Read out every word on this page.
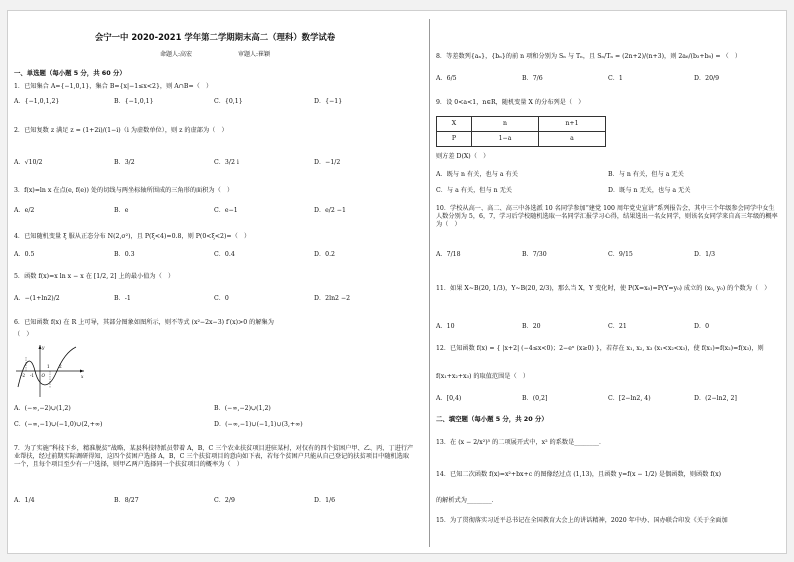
会宁一中 2020-2021 学年第二学期期末高二（理科）数学试卷
命题人:高宏	审题人:崔颖
一、单选题（每小题 5 分，共 60 分）
1．已知集合 A={−1,0,1}，集合 B={x|−1≤x<2}，则 A∩B=（　）
A．{−1,0,1,2}	B．{−1,0,1}	C．{0,1}	D．{−1}
2．已知复数 z 满足 z = (1+2i)/(1−i)（i 为虚数单位），则 z 的虚部为（　）
A．√10/2	B．3/2	C．3/2 i	D．−1/2
3．f(x)=ln x 在点(e, f(e)) 处的切线与两坐标轴所围成的三角形的面积为（　）
A．e/2	B．e	C．e−1	D．e/2 −1
4．已知随机变量 ξ 服从正态分布 N(2,σ²)，且 P(ξ<4)=0.8，则 P(0<ξ<2)=（　）
A．0.5	B．0.3	C．0.4	D．0.2
5．函数 f(x)=x ln x − x 在 [1/2, 2] 上的最小值为（　）
A．−(1+ln2)/2	B．-1	C．0	D．2ln2 −2
6．已知函数 f(x) 在 R 上可导，其部分图象如图所示，则不等式 (x²−2x−3) f′(x)>0 的解集为
（　）
-2 -1
1 2
x
y
O
A．(−∞,−2)∪(1,2)	B．(−∞,−2)∪(1,2)
C．(−∞,−1)∪(−1,0)∪(2,+∞)	D．(−∞,−1)∪(−1,1)∪(3,+∞)
7．为了实施“科技下乡，精准脱贫”战略，某县科技特派员带着 A，B，C 三个农业扶贫项目进驻某村，对仅有的四个贫困户甲、乙、丙、丁进行产业帮扶，经过前期实际调研得知，这四个贫困户选择 A，B，C 三个扶贫项目的意向如下表，若每个贫困户只能从自己登记的扶贫项目中随机选取一个，且每个项目至少有一户选择，则甲乙两户选择同一个扶贫项目的概率为（　）
A．1/4	B．8/27	C．2/9	D．1/6
8．等差数列{aₙ}，{bₙ}的前 n 项和分别为 Sₙ 与 Tₙ，且 Sₙ/Tₙ = (2n+2)/(n+3)，则 2a₆/(b₃+b₈) = （　）
A．6/5	B．7/6	C．1	D．20/9
9．设 0<a<1，n∈R，随机变量 X 的分布列是（　）
X	n	n+1
P	1−a	a
则方差 D(X)（　）
A．既与 n 有关，也与 a 有关	B．与 n 有关，但与 a 无关
C．与 a 有关，但与 n 无关	D．既与 n 无关，也与 a 无关
10．学校从高一、高二、高三中各选派 10 名同学参加“建党 100 周年党史宣讲”系列报告会，其中三个年级参会同学中女生人数分别为 5，6，7，学习后学校随机选取一名同学汇报学习心得，结果选出一名女同学，则该名女同学来自高三年级的概率为（　）
A．7/18	B．7/30	C．9/15	D．1/3
11．如果 X~B(20, 1/3)，Y~B(20, 2/3)，那么当 X，Y 变化时，使 P(X=x₀)=P(Y=y₀) 成立的 (x₀, y₀) 的个数为（　）
A．10	B．20	C．21	D．0
12．已知函数 f(x) = { |x+2| (−4≤x<0)；2−eˣ (x≥0) }，若存在 x₁, x₂, x₃ (x₁<x₂<x₃)，使 f(x₁)=f(x₂)=f(x₃)，则
f(x₁+x₂+x₃) 的取值范围是（　）
A．[0,4)	B．(0,2]	C．[2−ln2, 4)	D．(2−ln2, 2]
二、填空题（每小题 5 分，共 20 分）
13．在 (x − 2/x²)⁵ 的二项展开式中，x² 的系数是________．
14．已知二次函数 f(x)=x²+bx+c 的图像经过点 (1,13)，且函数 y=f(x − 1/2) 是偶函数，则函数 f(x)
的解析式为________．
15．为了贯彻落实习近平总书记在全国教育大会上的讲话精神，2020 年中办、国办联合印发《关于全面加
